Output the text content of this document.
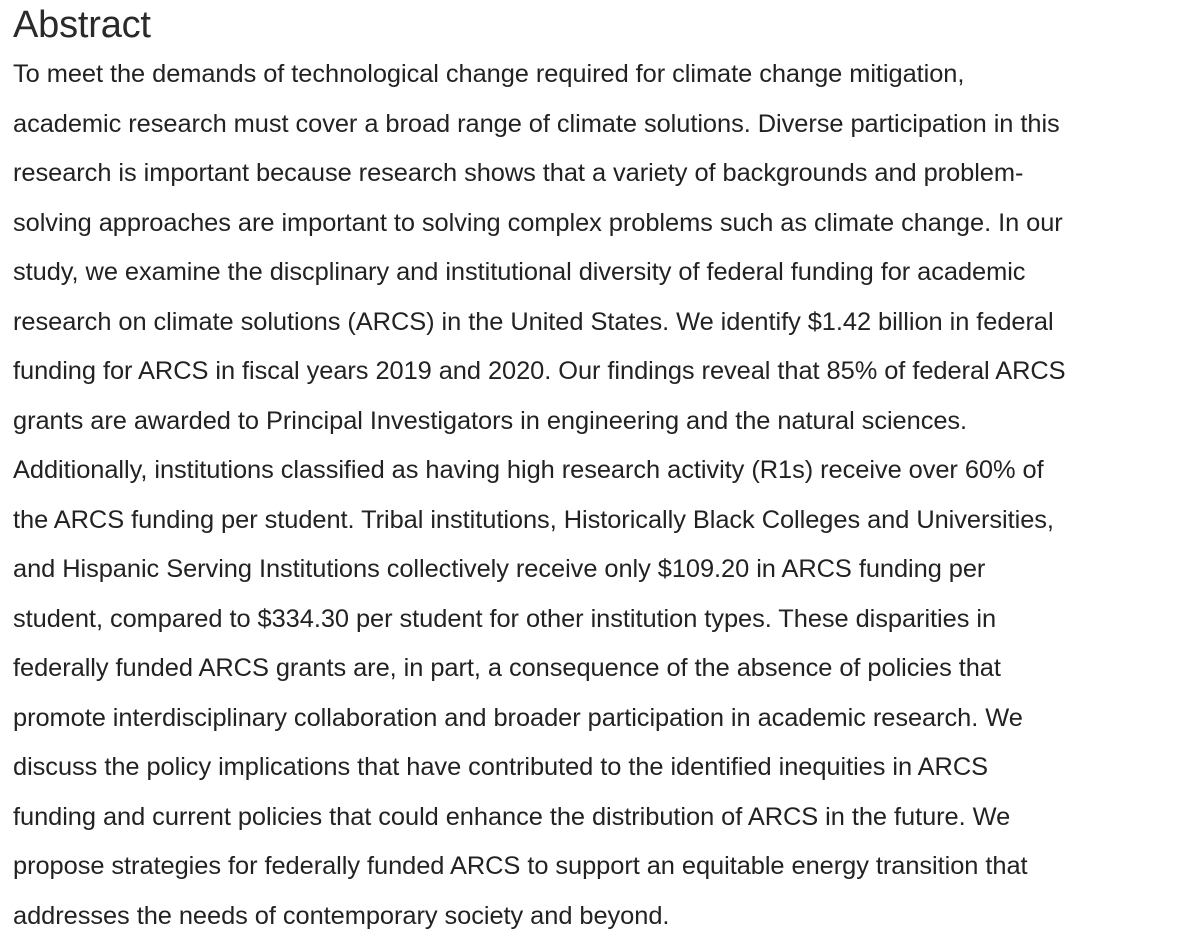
Abstract

To meet the demands of technological change required for climate change mitigation,
academic research must cover a broad range of climate solutions. Diverse participation in this
research is important because research shows that a variety of backgrounds and problem-
solving approaches are important to solving complex problems such as climate change. In our
study, we examine the discplinary and institutional diversity of federal funding for academic
research on climate solutions (ARCS) in the United States. We identify $1.42 billion in federal
funding for ARCS in fiscal years 2019 and 2020. Our findings reveal that 85% of federal ARCS
grants are awarded to Principal Investigators in engineering and the natural sciences.
Additionally, institutions classified as having high research activity (R1s) receive over 60% of
the ARCS funding per student. Tribal institutions, Historically Black Colleges and Universities,
and Hispanic Serving Institutions collectively receive only $109.20 in ARCS funding per
student, compared to $334.30 per student for other institution types. These disparities in
federally funded ARCS grants are, in part, a consequence of the absence of policies that
promote interdisciplinary collaboration and broader participation in academic research. We
discuss the policy implications that have contributed to the identified inequities in ARCS
funding and current policies that could enhance the distribution of ARCS in the future. We
propose strategies for federally funded ARCS to support an equitable energy transition that
addresses the needs of contemporary society and beyond.
